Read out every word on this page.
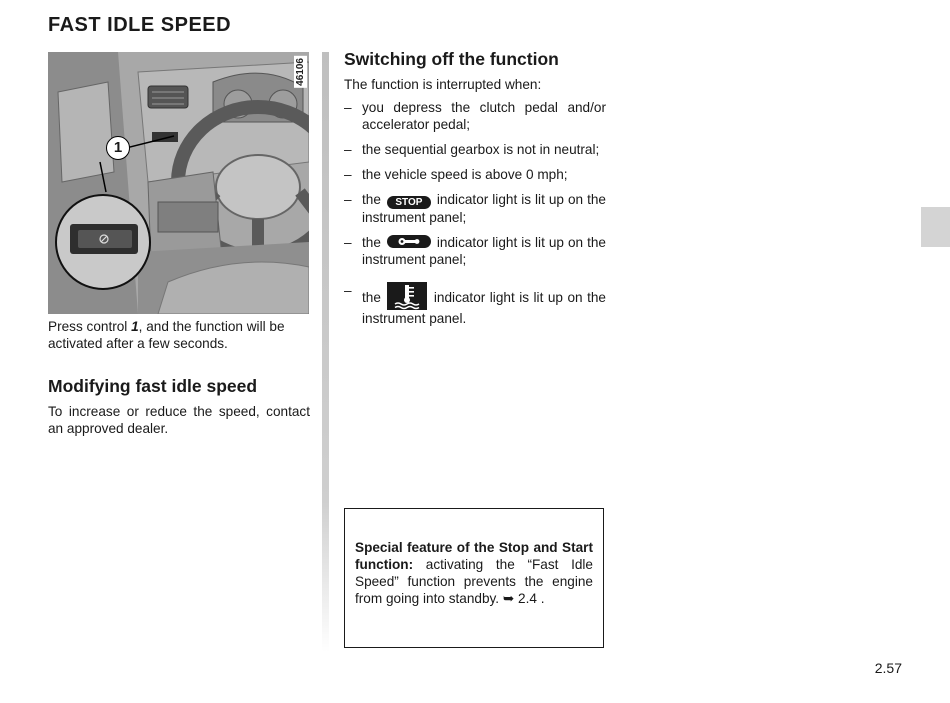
FAST IDLE SPEED
1
46106

Press control 1, and the function will be activated after a few seconds.

Modifying fast idle speed

To increase or reduce the speed, contact an approved dealer.

Switching off the function

The function is interrupted when:

– you depress the clutch pedal and/or accelerator pedal;
– the sequential gearbox is not in neutral;
– the vehicle speed is above 0 mph;
– the STOP indicator light is lit up on the instrument panel;
– the	indicator light is lit up on the instrument panel;
– the	indicator light is lit up on the instrument panel.
Special feature of the Stop and Start function: activating the “Fast Idle Speed” function prevents the engine from going into standby. ➥ 2.4 .
2.57
